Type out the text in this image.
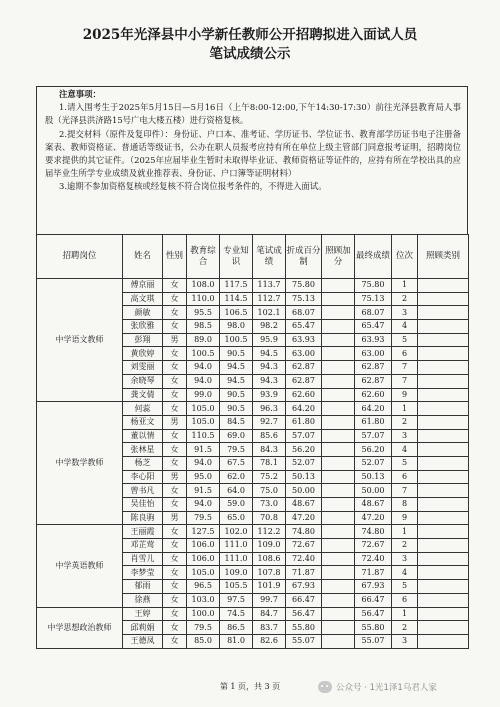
2025年光泽县中小学新任教师公开招聘拟进入面试人员
笔试成绩公示
注意事项：
1.请入围考生于2025年5月15日—5月16日（上午8:00-12:00,下午14:30-17:30）前往光泽县教育局人事股（光泽县洪济路15号广电大楼五楼）进行资格复核。
2.提交材料（原件及复印件）：身份证、户口本、准考证、学历证书、学位证书、教育部学历证书电子注册备案表、教师资格证、普通话等级证书，公办在职人员报考应持有所在单位上级主管部门同意报考证明，招聘岗位要求提供的其它证件。（2025年应届毕业生暂时未取得毕业证、教师资格证等证件的，应持有所在学校出具的应届毕业生所学专业成绩及就业推荐表、身份证、户口簿等证明材料）
3.逾期不参加资格复核或经复核不符合岗位报考条件的，不得进入面试。
招聘岗位	姓名	性别	教育综合	专业知识	笔试成绩	折成百分制	照顾加分	最终成绩	位次	照顾类别
中学语文教师	傅京丽	女	108.0	117.5	113.7	75.80		75.80	1	
	高文琪	女	110.0	114.5	112.7	75.13		75.13	2	
	颜敏	女	95.5	106.5	102.1	68.07		68.07	3	
	张欣雅	女	98.5	98.0	98.2	65.47		65.47	4	
	彭翔	男	89.0	100.5	95.9	63.93		63.93	5	
	黄欣婷	女	100.5	90.5	94.5	63.00		63.00	6	
	刘雯丽	女	94.0	94.5	94.3	62.87		62.87	7	
	余晓琴	女	94.0	94.5	94.3	62.87		62.87	7	
	龚文倩	女	99.0	90.5	93.9	62.60		62.60	9	
中学数学教师	何蕊	女	105.0	90.5	96.3	64.20		64.20	1	
	杨亚文	男	105.0	84.5	92.7	61.80		61.80	2	
	董以情	女	110.5	69.0	85.6	57.07		57.07	3	
	张林星	女	91.5	79.5	84.3	56.20		56.20	4	
	杨芝	女	94.0	67.5	78.1	52.07		52.07	5	
	李心阳	男	95.0	62.0	75.2	50.13		50.13	6	
	曾书凡	女	91.5	64.0	75.0	50.00		50.00	7	
	吴佳怡	女	94.0	59.0	73.0	48.67		48.67	8	
	陈良驹	男	79.5	65.0	70.8	47.20		47.20	9	
中学英语教师	王丽霞	女	127.5	102.0	112.2	74.80		74.80	1	
	邓芷莺	女	106.0	111.0	109.0	72.67		72.67	2	
	肖雪儿	女	106.0	111.0	108.6	72.40		72.40	3	
	李梦莹	女	105.0	109.0	107.8	71.87		71.87	4	
	郁雨	女	96.5	105.5	101.9	67.93		67.93	5	
	徐燕	女	103.0	97.5	99.7	66.47		66.47	6	
中学思想政治教师	王婷	女	100.0	74.5	84.7	56.47		56.47	1	
	邱莉娟	女	79.5	86.5	83.7	55.80		55.80	2	
	王德凤	女	85.0	81.0	82.6	55.07		55.07	3	
第 1 页，共 3 页	公众号 · 1光1泽1乌君人家
